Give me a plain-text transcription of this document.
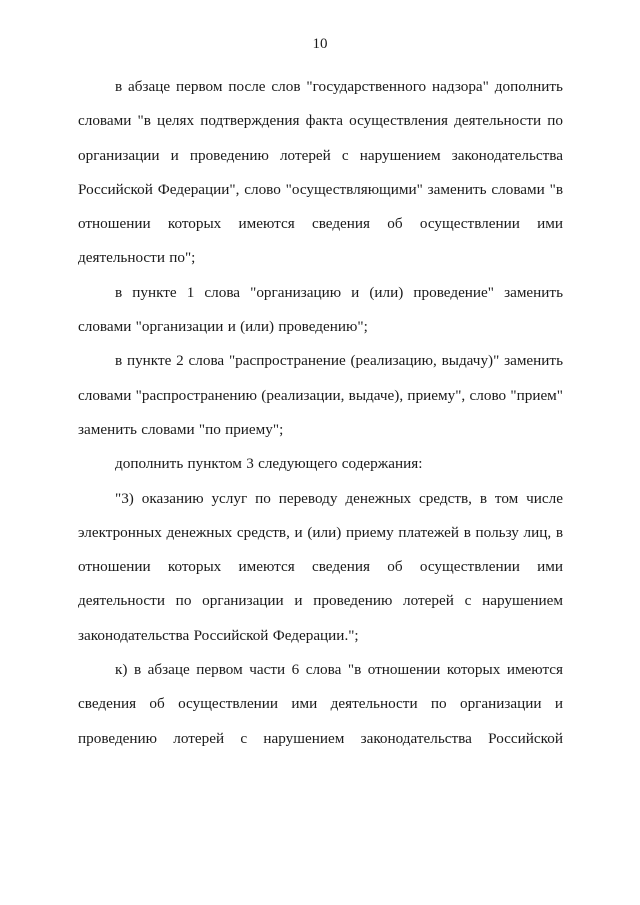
10

в абзаце первом после слов "государственного надзора" дополнить словами "в целях подтверждения факта осуществления деятельности по организации и проведению лотерей с нарушением законодательства Российской Федерации", слово "осуществляющими" заменить словами "в отношении которых имеются сведения об осуществлении ими деятельности по";

в пункте 1 слова "организацию и (или) проведение" заменить словами "организации и (или) проведению";

в пункте 2 слова "распространение (реализацию, выдачу)" заменить словами "распространению (реализации, выдаче), приему", слово "прием" заменить словами "по приему";

дополнить пунктом 3 следующего содержания:

"3) оказанию услуг по переводу денежных средств, в том числе электронных денежных средств, и (или) приему платежей в пользу лиц, в отношении которых имеются сведения об осуществлении ими деятельности по организации и проведению лотерей с нарушением законодательства Российской Федерации.";

к) в абзаце первом части 6 слова "в отношении которых имеются сведения об осуществлении ими деятельности по организации и проведению лотерей с нарушением законодательства Российской
